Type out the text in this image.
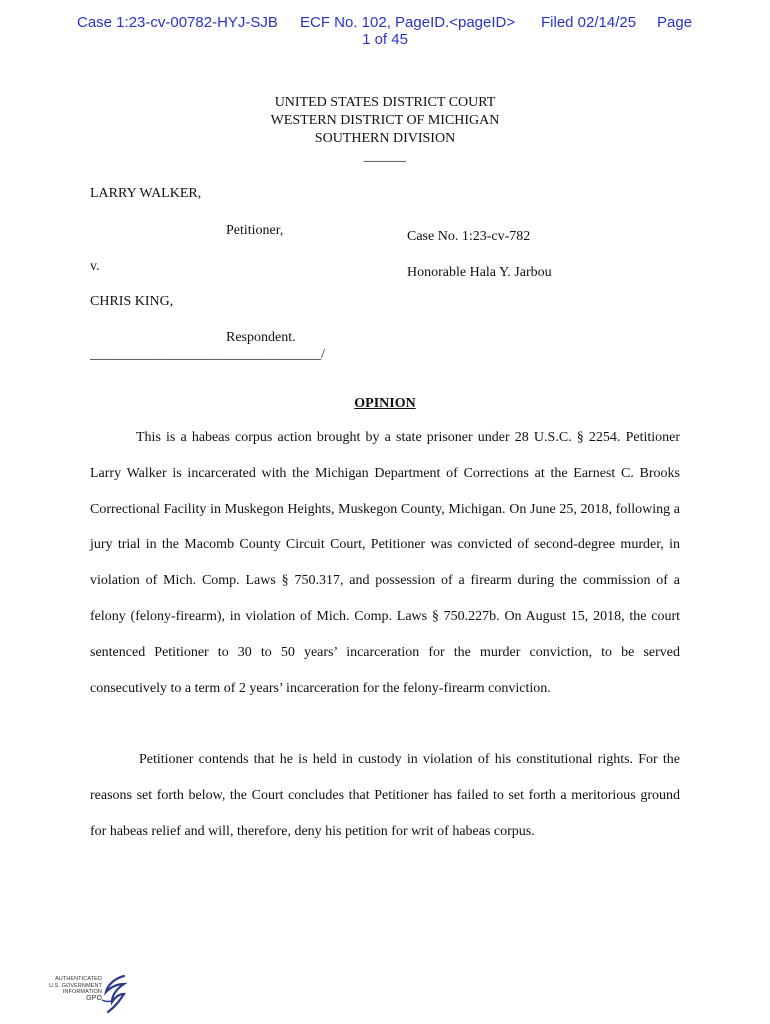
Case 1:23-cv-00782-HYJ-SJB ECF No. 102, PageID.<pageID> Filed 02/14/25 Page
1 of 45
UNITED STATES DISTRICT COURT
WESTERN DISTRICT OF MICHIGAN
SOUTHERN DIVISION
______
LARRY WALKER,
Petitioner,	Case No. 1:23-cv-782
v.	Honorable Hala Y. Jarbou
CHRIS KING,
Respondent.
_________________________________/
OPINION

This is a habeas corpus action brought by a state prisoner under 28 U.S.C. § 2254. Petitioner Larry Walker is incarcerated with the Michigan Department of Corrections at the Earnest C. Brooks Correctional Facility in Muskegon Heights, Muskegon County, Michigan. On June 25, 2018, following a jury trial in the Macomb County Circuit Court, Petitioner was convicted of second-degree murder, in violation of Mich. Comp. Laws § 750.317, and possession of a firearm during the commission of a felony (felony-firearm), in violation of Mich. Comp. Laws § 750.227b. On August 15, 2018, the court sentenced Petitioner to 30 to 50 years’ incarceration for the murder conviction, to be served consecutively to a term of 2 years’ incarceration for the felony-firearm conviction.

Petitioner contends that he is held in custody in violation of his constitutional rights. For the reasons set forth below, the Court concludes that Petitioner has failed to set forth a meritorious ground for habeas relief and will, therefore, deny his petition for writ of habeas corpus.

AUTHENTICATED
U.S. GOVERNMENT
INFORMATION
GPO
